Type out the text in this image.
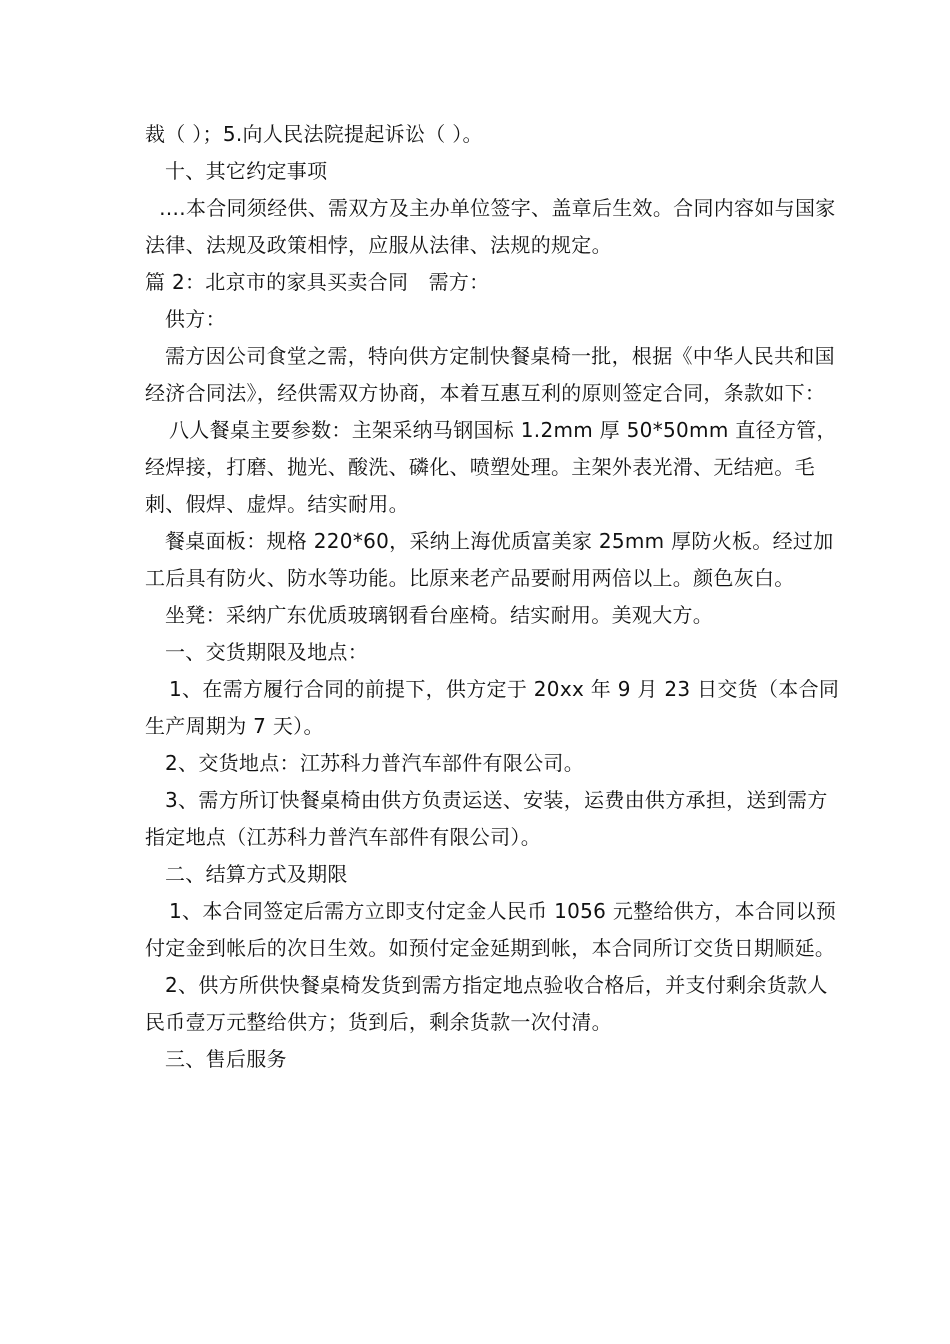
裁（ ）；5.向人民法院提起诉讼（ ）。

十、其它约定事项

….本合同须经供、需双方及主办单位签字、盖章后生效。合同内容如与国家法律、法规及政策相悖，应服从法律、法规的规定。

篇 2：北京市的家具买卖合同　需方：

供方：

需方因公司食堂之需，特向供方定制快餐桌椅一批，根据《中华人民共和国经济合同法》，经供需双方协商，本着互惠互利的原则签定合同，条款如下：

八人餐桌主要参数：主架采纳马钢国标 1.2mm 厚 50*50mm 直径方管，经焊接，打磨、抛光、酸洗、磷化、喷塑处理。主架外表光滑、无结疤。毛刺、假焊、虚焊。结实耐用。

餐桌面板：规格 220*60，采纳上海优质富美家 25mm 厚防火板。经过加工后具有防火、防水等功能。比原来老产品要耐用两倍以上。颜色灰白。

坐凳：采纳广东优质玻璃钢看台座椅。结实耐用。美观大方。

一、交货期限及地点：

1、在需方履行合同的前提下，供方定于 20xx 年 9 月 23 日交货（本合同生产周期为 7 天）。

2、交货地点：江苏科力普汽车部件有限公司。

3、需方所订快餐桌椅由供方负责运送、安装，运费由供方承担，送到需方指定地点（江苏科力普汽车部件有限公司）。

二、结算方式及期限

1、本合同签定后需方立即支付定金人民币 1056 元整给供方，本合同以预付定金到帐后的次日生效。如预付定金延期到帐，本合同所订交货日期顺延。

2、供方所供快餐桌椅发货到需方指定地点验收合格后，并支付剩余货款人民币壹万元整给供方；货到后，剩余货款一次付清。

三、售后服务
